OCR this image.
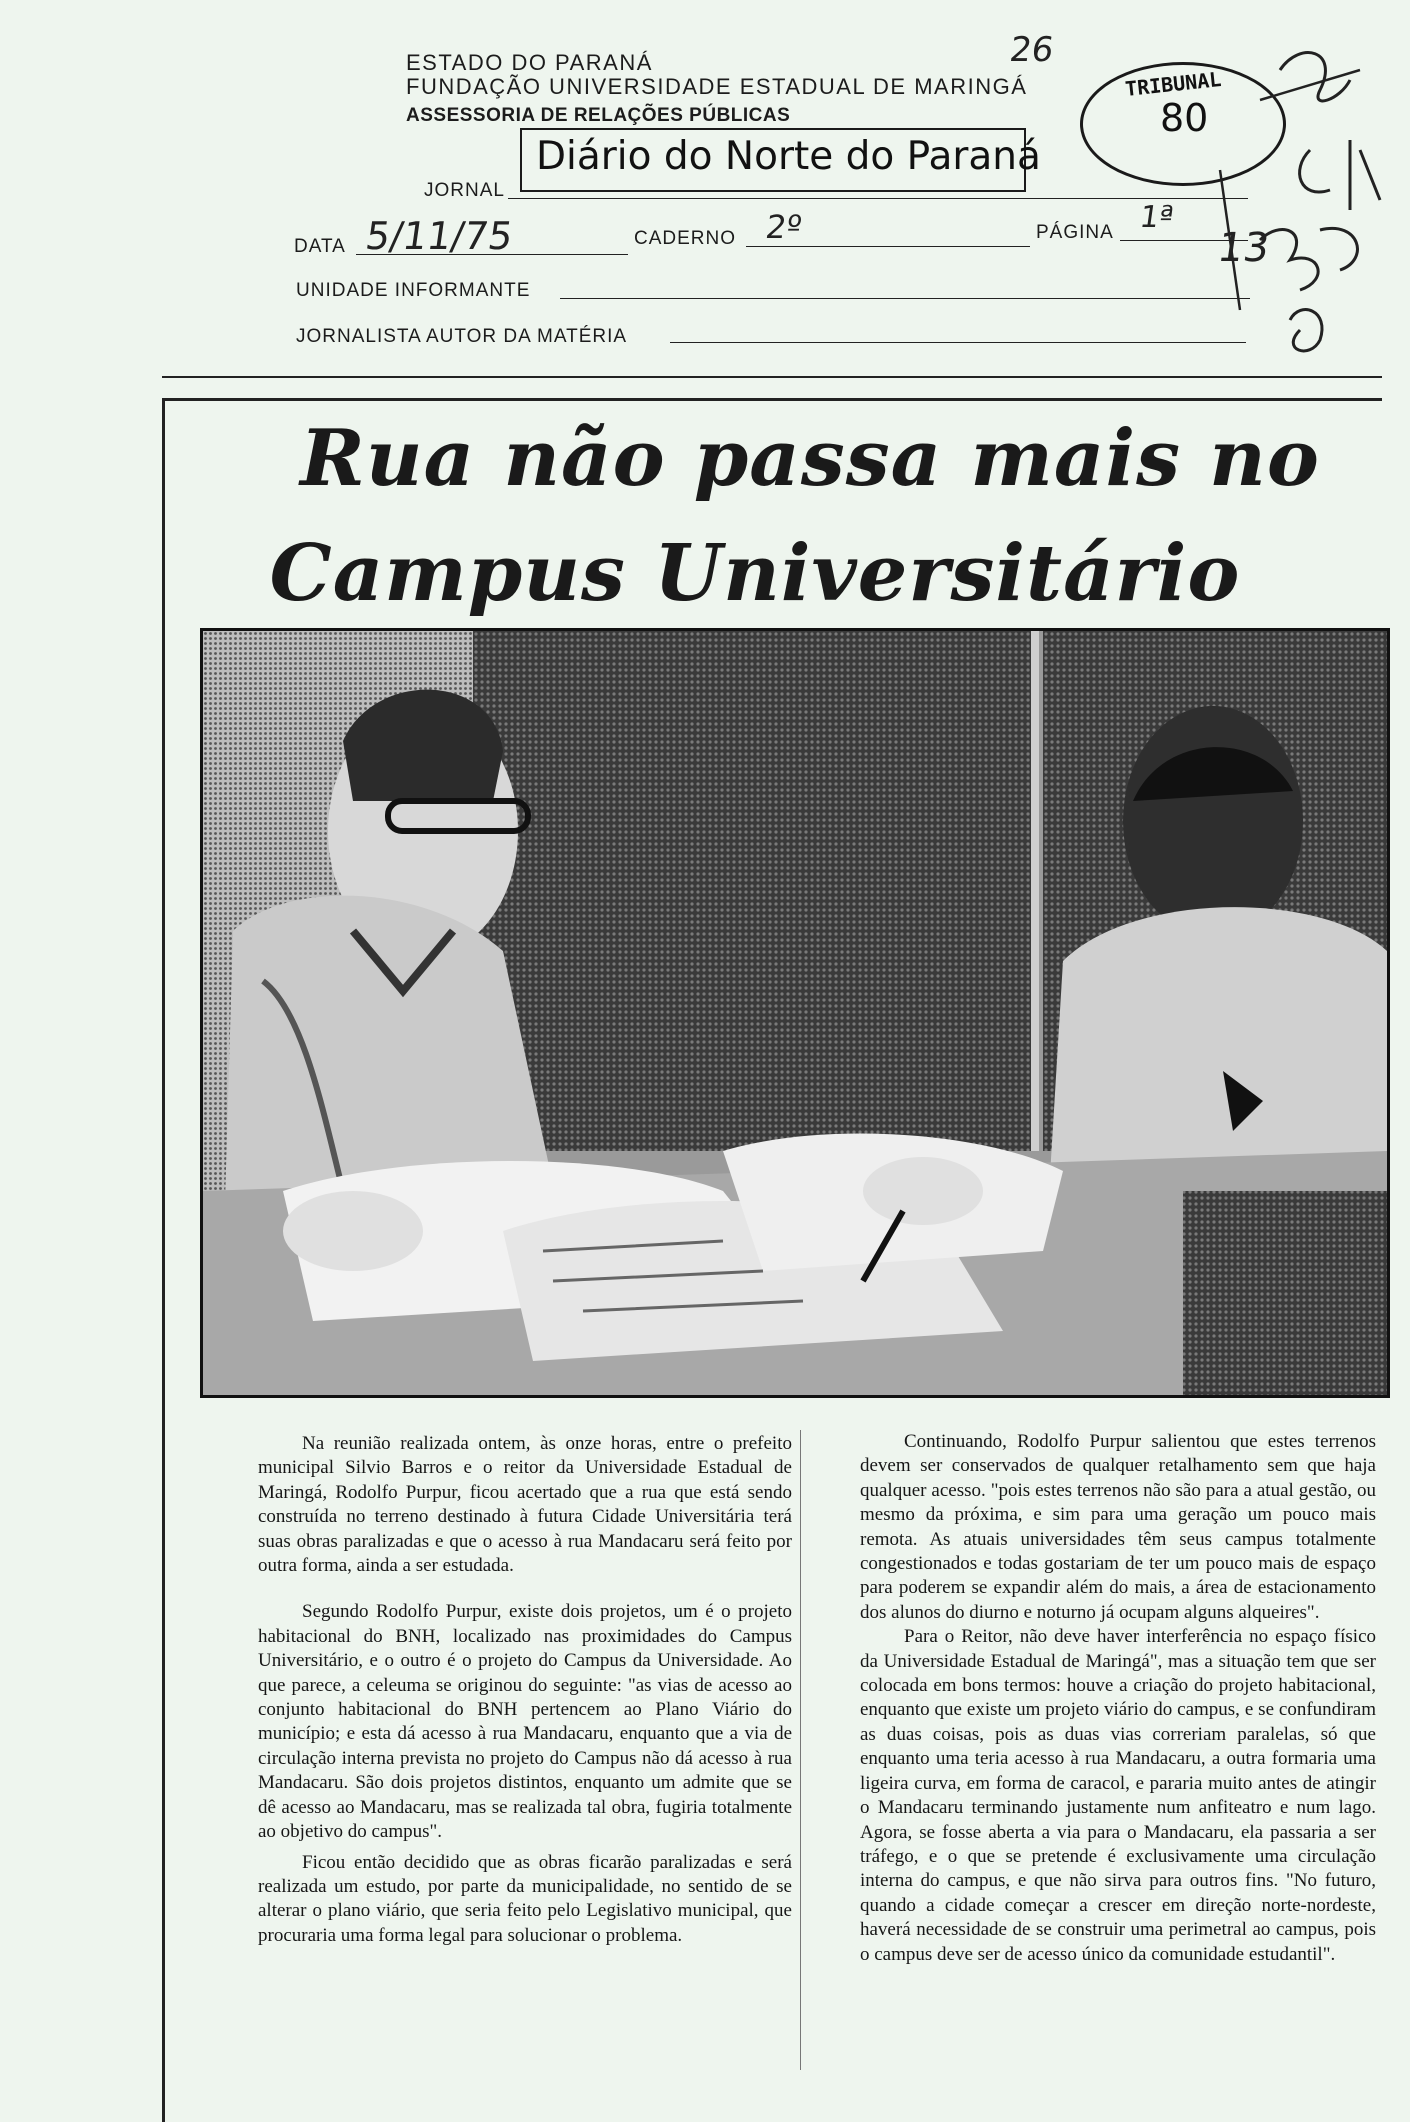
ESTADO DO PARANÁ
FUNDAÇÃO UNIVERSIDADE ESTADUAL DE MARINGÁ
ASSESSORIA DE RELAÇÕES PÚBLICAS
JORNAL
Diário do Norte do Paraná
TRIBUNAL
80
26
13
DATA 5/11/75	CADERNO 2º	PÁGINA 1ª
UNIDADE INFORMANTE
JORNALISTA AUTOR DA MATÉRIA
Rua não passa mais no
Campus Universitário

Na reunião realizada ontem, às onze horas, entre o prefeito municipal Silvio Barros e o reitor da Universidade Estadual de Maringá, Rodolfo Purpur, ficou acertado que a rua que está sendo construída no terreno destinado à futura Cidade Universitária terá suas obras paralizadas e que o acesso à rua Mandacaru será feito por outra forma, ainda a ser estudada.

Segundo Rodolfo Purpur, existe dois projetos, um é o projeto habitacional do BNH, localizado nas proximidades do Campus Universitário, e o outro é o projeto do Campus da Universidade. Ao que parece, a celeuma se originou do seguinte: "as vias de acesso ao conjunto habitacional do BNH pertencem ao Plano Viário do município; e esta dá acesso à rua Mandacaru, enquanto que a via de circulação interna prevista no projeto do Campus não dá acesso à rua Mandacaru. São dois projetos distintos, enquanto um admite que se dê acesso ao Mandacaru, mas se realizada tal obra, fugiria totalmente ao objetivo do campus".

Ficou então decidido que as obras ficarão paralizadas e será realizada um estudo, por parte da municipalidade, no sentido de se alterar o plano viário, que seria feito pelo Legislativo municipal, que procuraria uma forma legal para solucionar o problema.

Continuando, Rodolfo Purpur salientou que estes terrenos devem ser conservados de qualquer retalhamento sem que haja qualquer acesso. "pois estes terrenos não são para a atual gestão, ou mesmo da próxima, e sim para uma geração um pouco mais remota. As atuais universidades têm seus campus totalmente congestionados e todas gostariam de ter um pouco mais de espaço para poderem se expandir além do mais, a área de estacionamento dos alunos do diurno e noturno já ocupam alguns alqueires".

Para o Reitor, não deve haver interferência no espaço físico da Universidade Estadual de Maringá", mas a situação tem que ser colocada em bons termos: houve a criação do projeto habitacional, enquanto que existe um projeto viário do campus, e se confundiram as duas coisas, pois as duas vias correriam paralelas, só que enquanto uma teria acesso à rua Mandacaru, a outra formaria uma ligeira curva, em forma de caracol, e pararia muito antes de atingir o Mandacaru terminando justamente num anfiteatro e num lago. Agora, se fosse aberta a via para o Mandacaru, ela passaria a ser tráfego, e o que se pretende é exclusivamente uma circulação interna do campus, e que não sirva para outros fins. "No futuro, quando a cidade começar a crescer em direção norte-nordeste, haverá necessidade de se construir uma perimetral ao campus, pois o campus deve ser de acesso único da comunidade estudantil".
